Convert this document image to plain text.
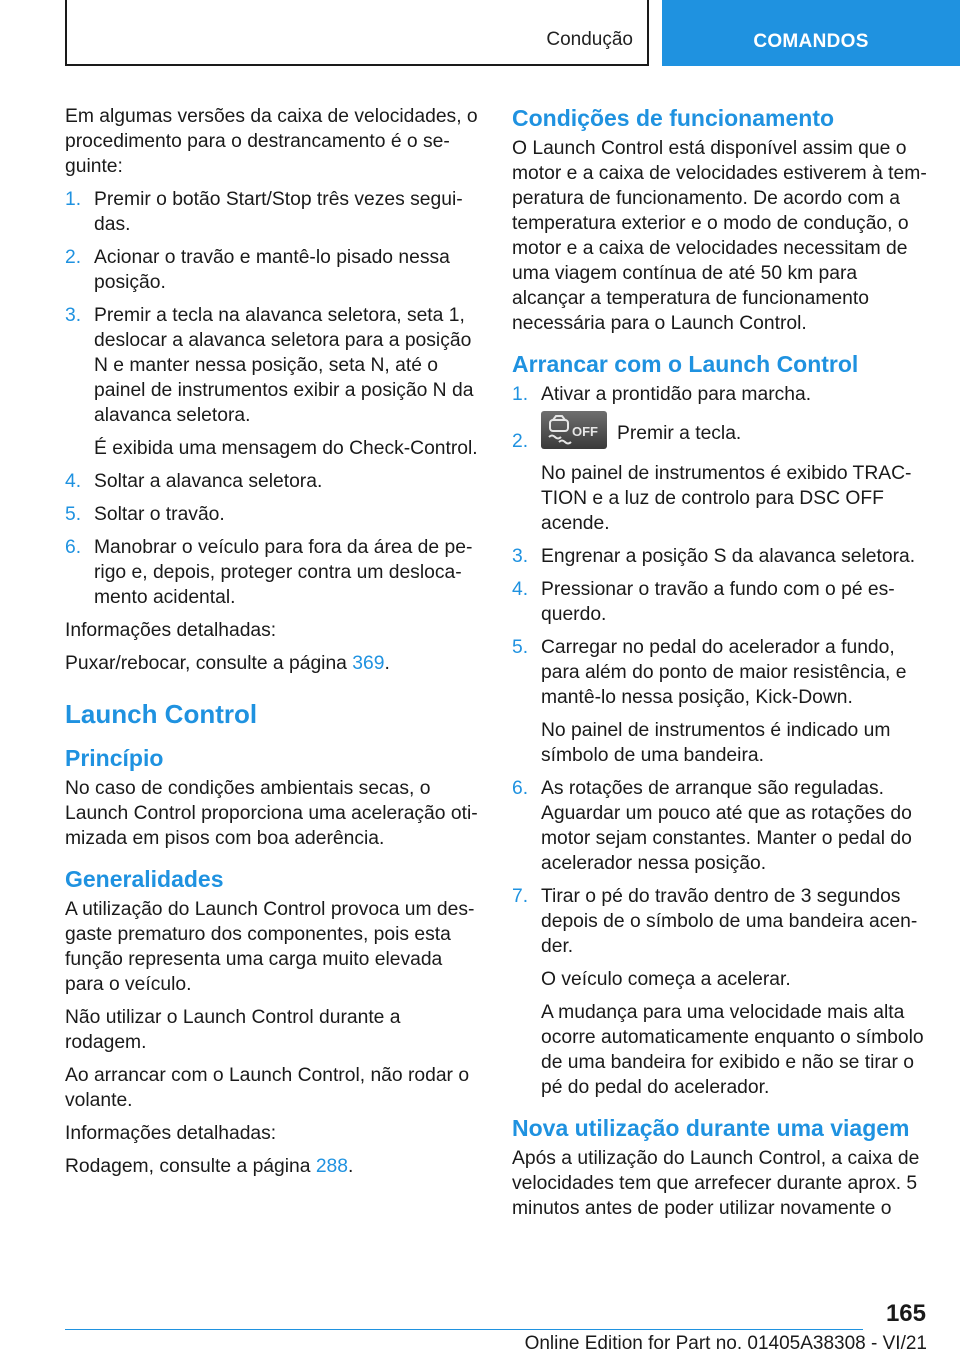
Condução	COMANDOS

Em algumas versões da caixa de velocidades, o procedimento para o destrancamento é o seguinte:

1. Premir o botão Start/Stop três vezes seguidas.

2. Acionar o travão e mantê-lo pisado nessa posição.

3. Premir a tecla na alavanca seletora, seta 1, deslocar a alavanca seletora para a posição N e manter nessa posição, seta N, até o painel de instrumentos exibir a posição N da alavanca seletora.

É exibida uma mensagem do Check-Control.

4. Soltar a alavanca seletora.

5. Soltar o travão.

6. Manobrar o veículo para fora da área de perigo e, depois, proteger contra um deslocamento acidental.

Informações detalhadas:

Puxar/rebocar, consulte a página 369.

Launch Control
Princípio

No caso de condições ambientais secas, o Launch Control proporciona uma aceleração otimizada em pisos com boa aderência.

Generalidades

A utilização do Launch Control provoca um desgaste prematuro dos componentes, pois esta função representa uma carga muito elevada para o veículo.

Não utilizar o Launch Control durante a rodagem.

Ao arrancar com o Launch Control, não rodar o volante.

Informações detalhadas:

Rodagem, consulte a página 288.

Condições de funcionamento

O Launch Control está disponível assim que o motor e a caixa de velocidades estiverem à temperatura de funcionamento. De acordo com a temperatura exterior e o modo de condução, o motor e a caixa de velocidades necessitam de uma viagem contínua de até 50 km para alcançar a temperatura de funcionamento necessária para o Launch Control.

Arrancar com o Launch Control
1. Ativar a prontidão para marcha.

2.	OFF Premir a tecla.

No painel de instrumentos é exibido TRACTION e a luz de controlo para DSC OFF acende.

3. Engrenar a posição S da alavanca seletora.

4. Pressionar o travão a fundo com o pé esquerdo.

5. Carregar no pedal do acelerador a fundo, para além do ponto de maior resistência, e mantê-lo nessa posição, Kick-Down.

No painel de instrumentos é indicado um símbolo de uma bandeira.

6. As rotações de arranque são reguladas. Aguardar um pouco até que as rotações do motor sejam constantes. Manter o pedal do acelerador nessa posição.

7. Tirar o pé do travão dentro de 3 segundos depois de o símbolo de uma bandeira acender.

O veículo começa a acelerar.

A mudança para uma velocidade mais alta ocorre automaticamente enquanto o símbolo de uma bandeira for exibido e não se tirar o pé do pedal do acelerador.

Nova utilização durante uma viagem

Após a utilização do Launch Control, a caixa de velocidades tem que arrefecer durante aprox. 5 minutos antes de poder utilizar novamente o

165
Online Edition for Part no. 01405A38308 - VI/21
